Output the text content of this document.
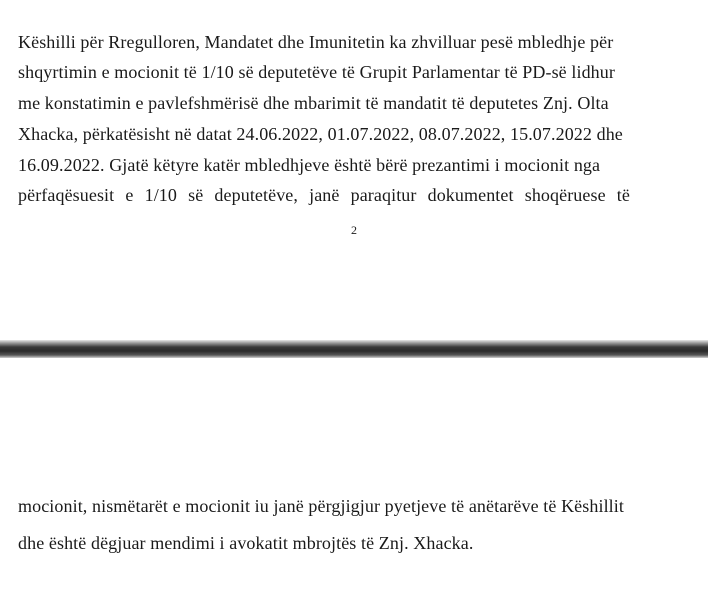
Këshilli për Rregulloren, Mandatet dhe Imunitetin ka zhvilluar pesë mbledhje për
shqyrtimin e mocionit të 1/10 së deputetëve të Grupit Parlamentar të PD-së lidhur
me konstatimin e pavlefshmërisë dhe mbarimit të mandatit të deputetes Znj. Olta
Xhacka, përkatësisht në datat 24.06.2022, 01.07.2022, 08.07.2022, 15.07.2022 dhe
16.09.2022. Gjatë këtyre katër mbledhjeve është bërë prezantimi i mocionit nga
përfaqësuesit e 1/10 së deputetëve, janë paraqitur dokumentet shoqëruese të
2
mocionit, nismëtarët e mocionit iu janë përgjigjur pyetjeve të anëtarëve të Këshillit
dhe është dëgjuar mendimi i avokatit mbrojtës të Znj. Xhacka.
